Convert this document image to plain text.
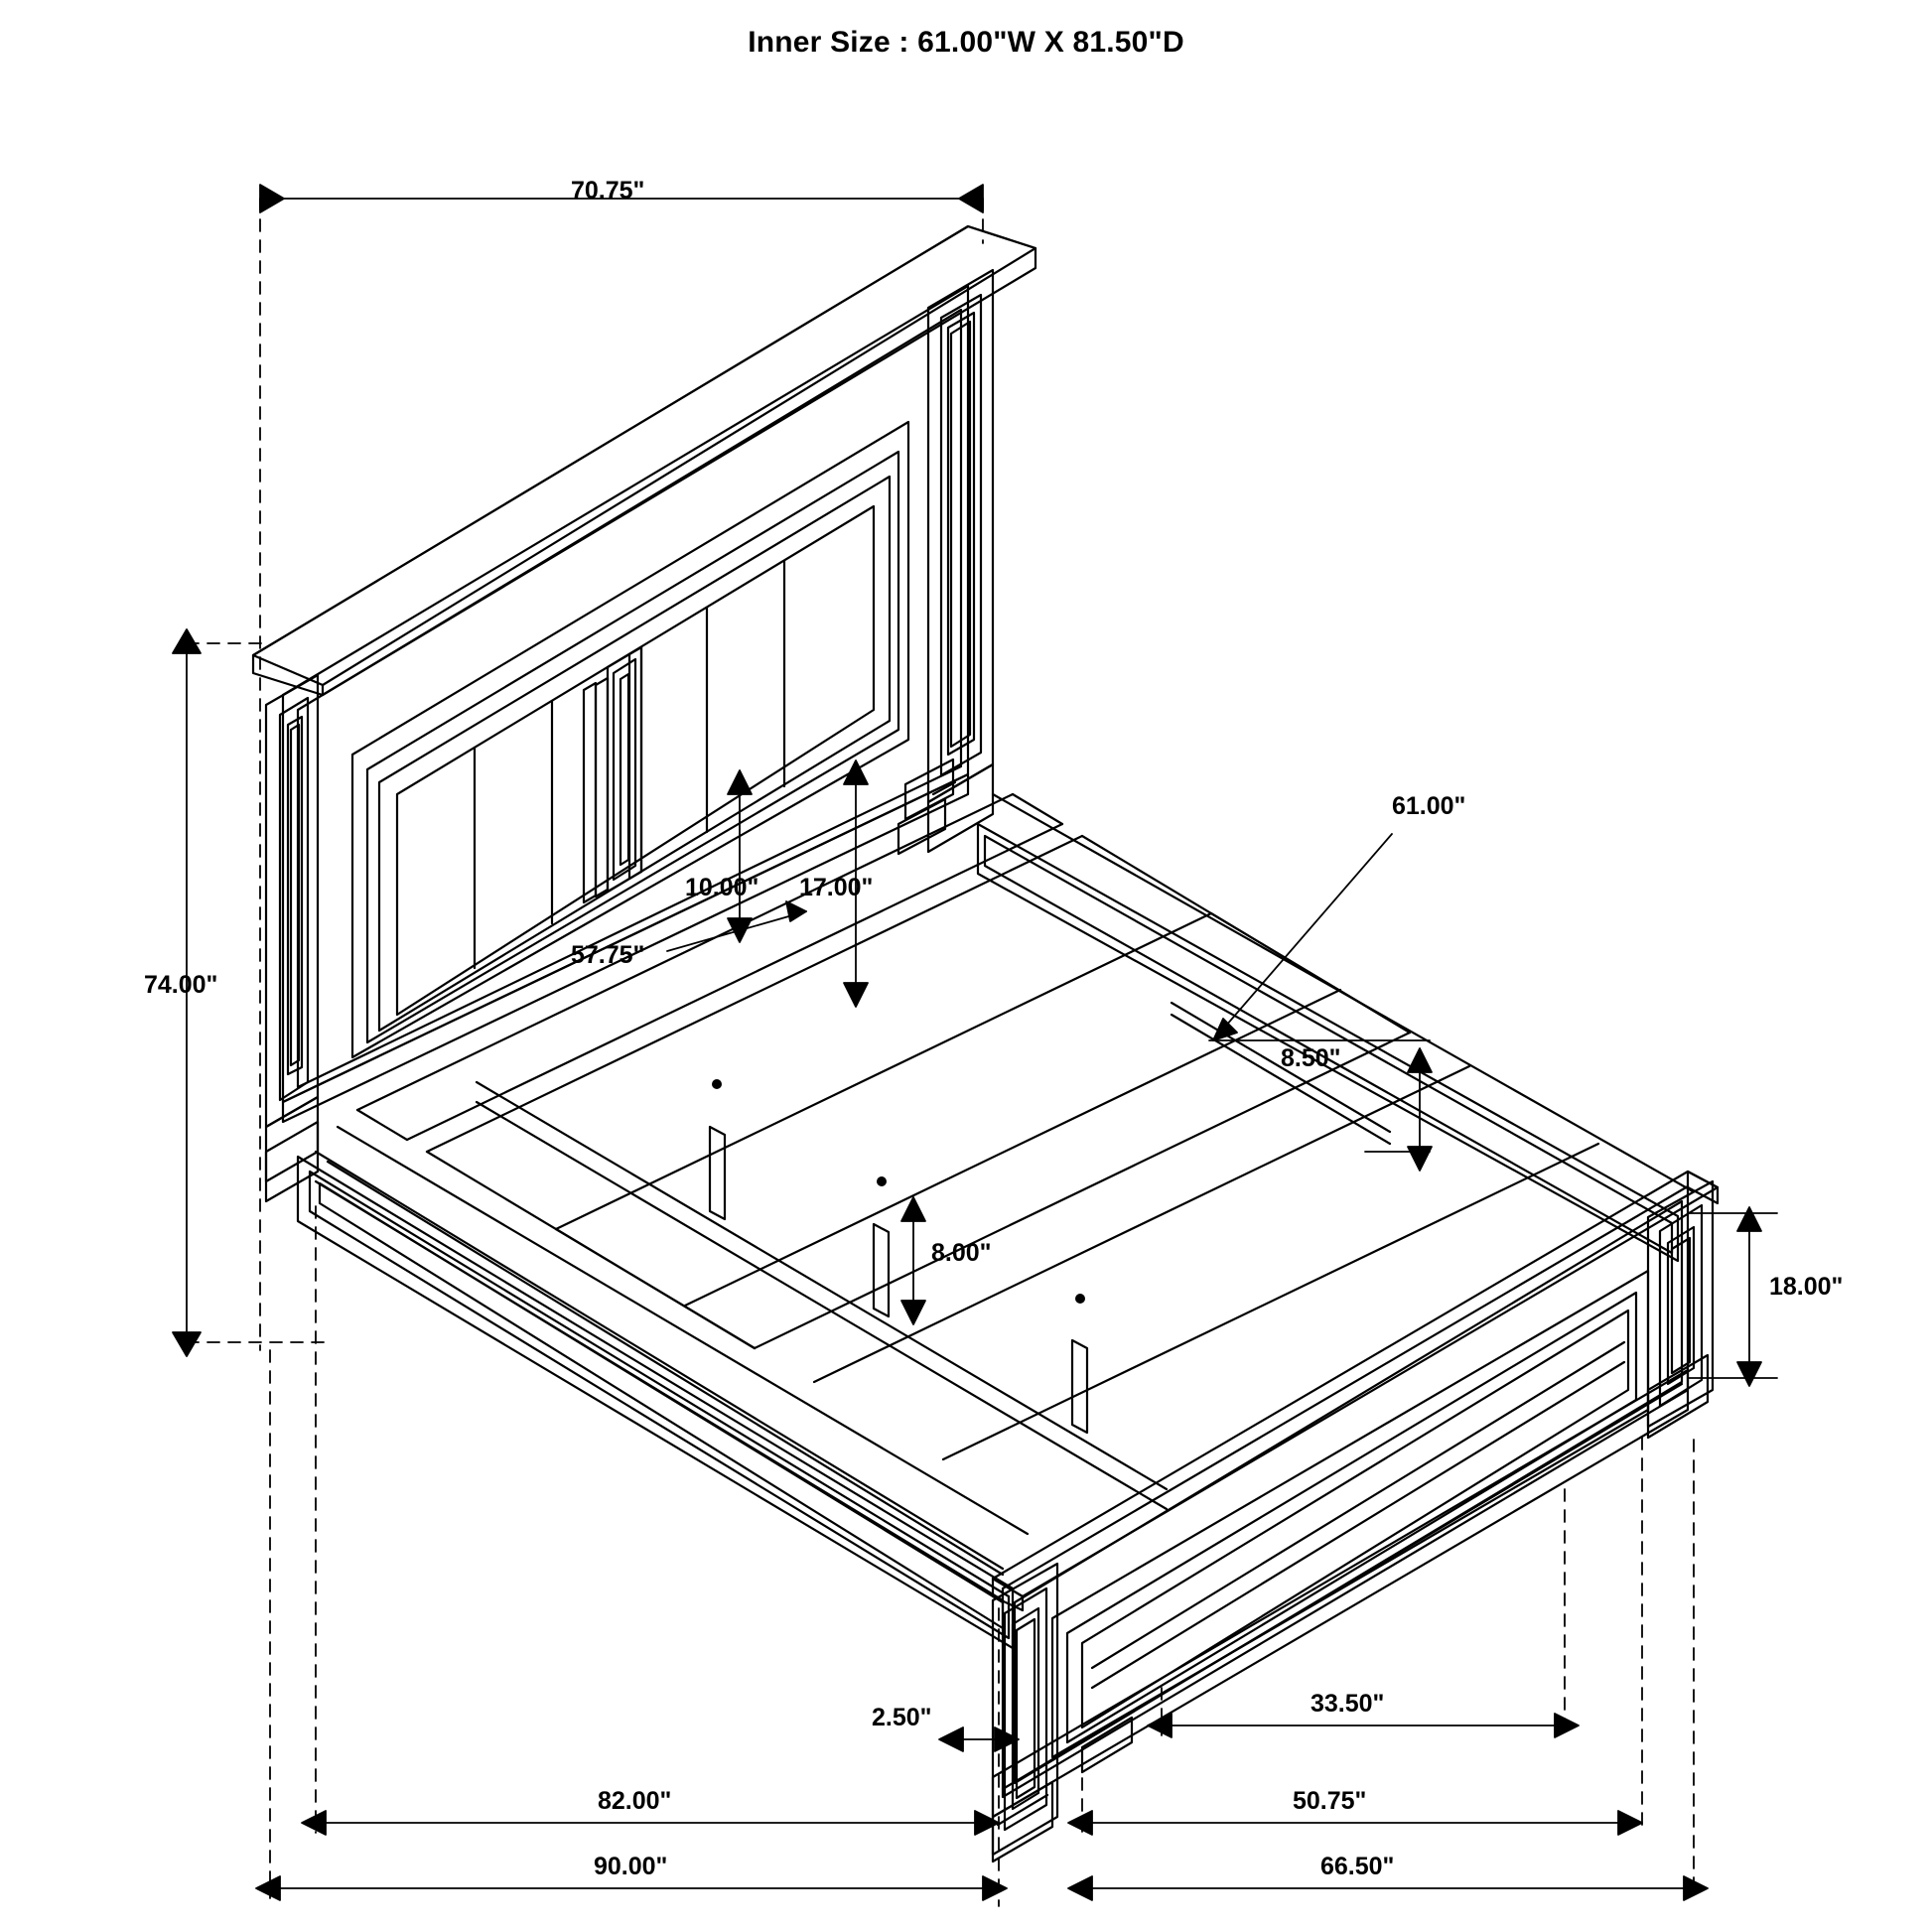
Inner Size : 61.00"W X 81.50"D
70.75"
74.00"
10.00" 17.00"
57.75"
61.00"
8.50"
8.00"
18.00"
2.50"	33.50"
82.00"	50.75"
90.00"	66.50"
